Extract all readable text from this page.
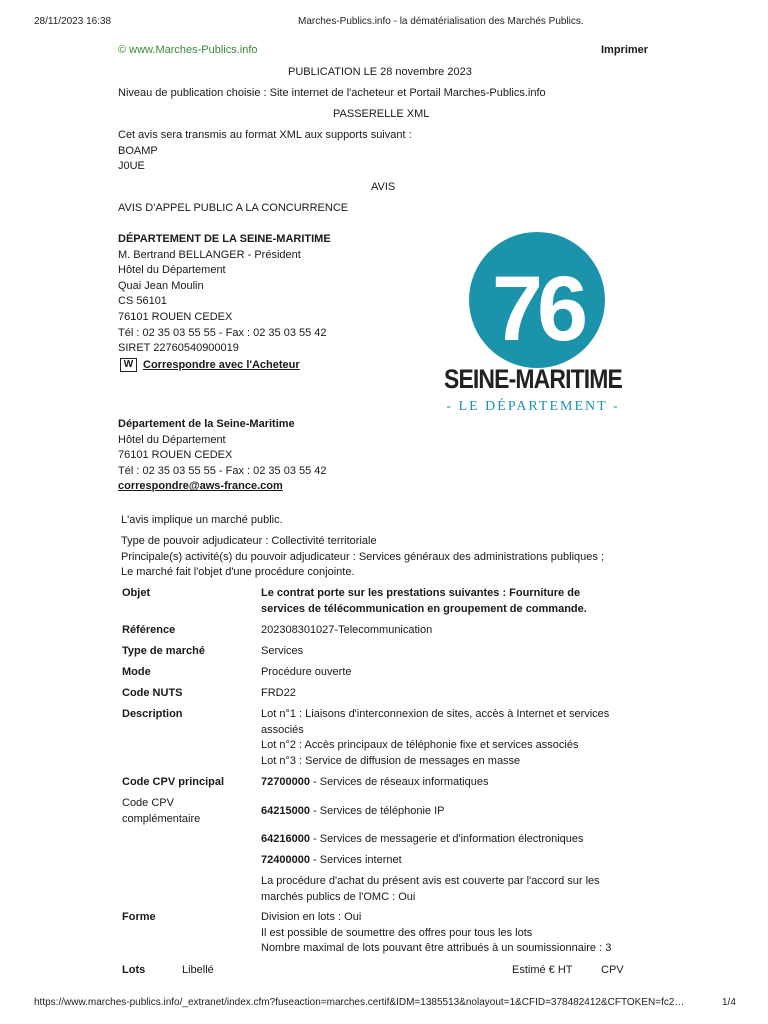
28/11/2023 16:38	Marches-Publics.info - la dématérialisation des Marchés Publics.
© www.Marches-Publics.info	Imprimer
PUBLICATION LE 28 novembre 2023
Niveau de publication choisie : Site internet de l'acheteur et Portail Marches-Publics.info
PASSERELLE XML
Cet avis sera transmis au format XML aux supports suivant :
BOAMP
J0UE
AVIS
AVIS D'APPEL PUBLIC A LA CONCURRENCE
DÉPARTEMENT DE LA SEINE-MARITIME
M. Bertrand BELLANGER - Président
Hôtel du Département
Quai Jean Moulin
CS 56101
76101 ROUEN CEDEX
Tél : 02 35 03 55 55 - Fax : 02 35 03 55 42
SIRET 22760540900019
W Correspondre avec l'Acheteur
76
SEINE-MARITIME
- LE DÉPARTEMENT -
Département de la Seine-Maritime
Hôtel du Département
76101 ROUEN CEDEX
Tél : 02 35 03 55 55 - Fax : 02 35 03 55 42
correspondre@aws-france.com
L'avis implique un marché public.
Type de pouvoir adjudicateur : Collectivité territoriale
Principale(s) activité(s) du pouvoir adjudicateur : Services généraux des administrations publiques ;
Le marché fait l'objet d'une procédure conjointe.
Objet	Le contrat porte sur les prestations suivantes : Fourniture de
services de télécommunication en groupement de commande.
Référence	202308301027-Telecommunication
Type de marché	Services
Mode	Procédure ouverte
Code NUTS	FRD22
Description	Lot n°1 : Liaisons d'interconnexion de sites, accès à Internet et services
associés
Lot n°2 : Accès principaux de téléphonie fixe et services associés
Lot n°3 : Service de diffusion de messages en masse
Code CPV principal	72700000 - Services de réseaux informatiques
Code CPV
complémentaire
64215000 - Services de téléphonie IP
64216000 - Services de messagerie et d'information électroniques
72400000 - Services internet
La procédure d'achat du présent avis est couverte par l'accord sur les
marchés publics de l'OMC : Oui
Forme	Division en lots : Oui
Il est possible de soumettre des offres pour tous les lots
Nombre maximal de lots pouvant être attribués à un soumissionnaire : 3
Lots	Libellé	Estimé € HT	CPV
https://www.marches-publics.info/_extranet/index.cfm?fuseaction=marches.certif&IDM=1385513&nolayout=1&CFID=378482412&CFTOKEN=fc2…	1/4
